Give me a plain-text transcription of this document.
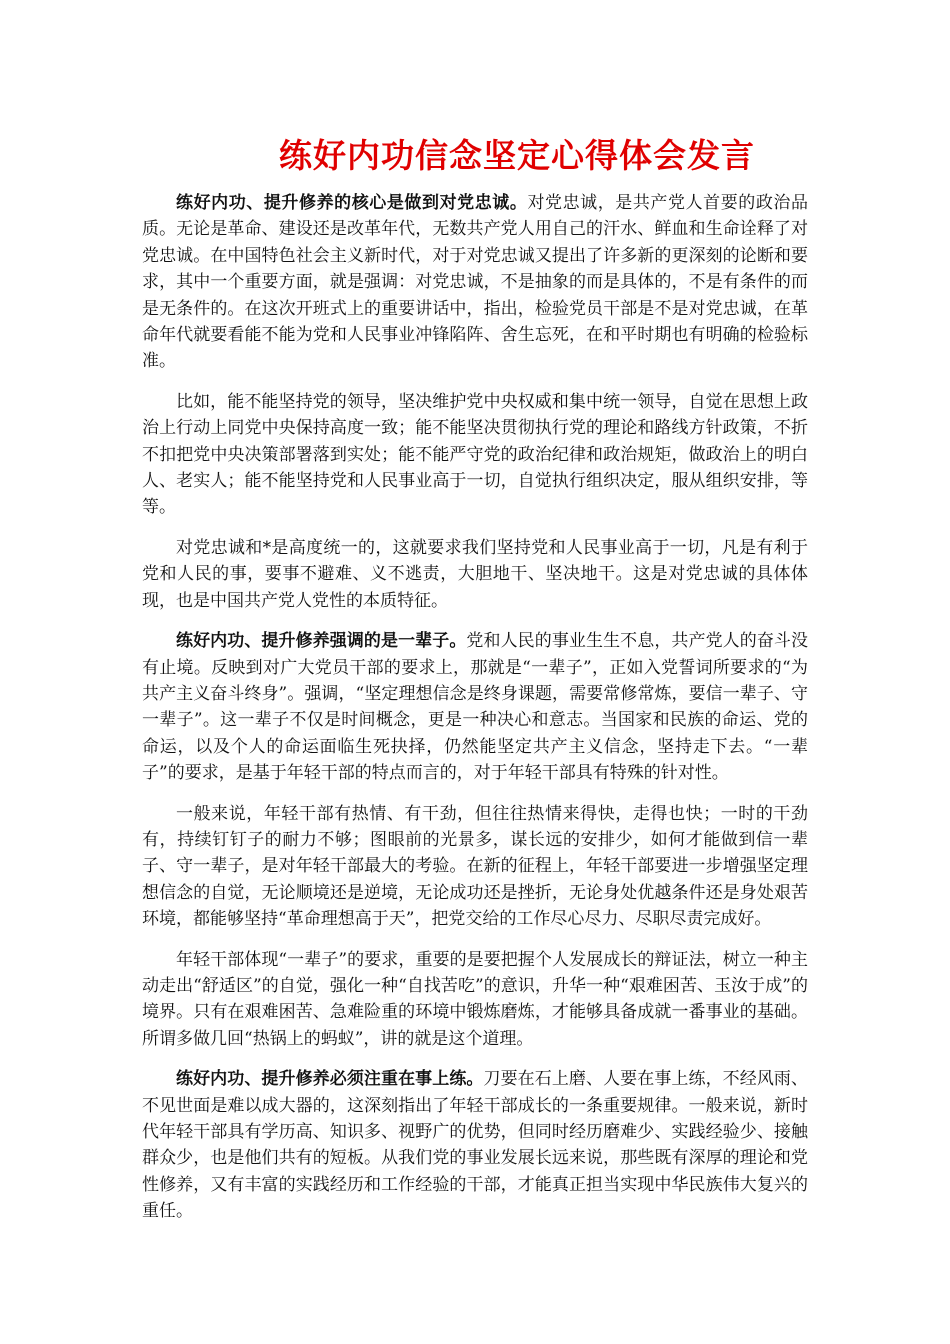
练好内功信念坚定心得体会发言

练好内功、提升修养的核心是做到对党忠诚。对党忠诚，是共产党人首要的政治品质。无论是革命、建设还是改革年代，无数共产党人用自己的汗水、鲜血和生命诠释了对党忠诚。在中国特色社会主义新时代，对于对党忠诚又提出了许多新的更深刻的论断和要求，其中一个重要方面，就是强调：对党忠诚，不是抽象的而是具体的，不是有条件的而是无条件的。在这次开班式上的重要讲话中，指出，检验党员干部是不是对党忠诚，在革命年代就要看能不能为党和人民事业冲锋陷阵、舍生忘死，在和平时期也有明确的检验标准。

比如，能不能坚持党的领导，坚决维护党中央权威和集中统一领导，自觉在思想上政治上行动上同党中央保持高度一致；能不能坚决贯彻执行党的理论和路线方针政策，不折不扣把党中央决策部署落到实处；能不能严守党的政治纪律和政治规矩，做政治上的明白人、老实人；能不能坚持党和人民事业高于一切，自觉执行组织决定，服从组织安排，等等。

对党忠诚和*是高度统一的，这就要求我们坚持党和人民事业高于一切，凡是有利于党和人民的事，要事不避难、义不逃责，大胆地干、坚决地干。这是对党忠诚的具体体现，也是中国共产党人党性的本质特征。

练好内功、提升修养强调的是一辈子。党和人民的事业生生不息，共产党人的奋斗没有止境。反映到对广大党员干部的要求上，那就是“一辈子”，正如入党誓词所要求的“为共产主义奋斗终身”。强调，“坚定理想信念是终身课题，需要常修常炼，要信一辈子、守一辈子”。这一辈子不仅是时间概念，更是一种决心和意志。当国家和民族的命运、党的命运，以及个人的命运面临生死抉择，仍然能坚定共产主义信念，坚持走下去。“一辈子”的要求，是基于年轻干部的特点而言的，对于年轻干部具有特殊的针对性。

一般来说，年轻干部有热情、有干劲，但往往热情来得快，走得也快；一时的干劲有，持续钉钉子的耐力不够；图眼前的光景多，谋长远的安排少，如何才能做到信一辈子、守一辈子，是对年轻干部最大的考验。在新的征程上，年轻干部要进一步增强坚定理想信念的自觉，无论顺境还是逆境，无论成功还是挫折，无论身处优越条件还是身处艰苦环境，都能够坚持“革命理想高于天”，把党交给的工作尽心尽力、尽职尽责完成好。

年轻干部体现“一辈子”的要求，重要的是要把握个人发展成长的辩证法，树立一种主动走出“舒适区”的自觉，强化一种“自找苦吃”的意识，升华一种“艰难困苦、玉汝于成”的境界。只有在艰难困苦、急难险重的环境中锻炼磨炼，才能够具备成就一番事业的基础。所谓多做几回“热锅上的蚂蚁”，讲的就是这个道理。

练好内功、提升修养必须注重在事上练。刀要在石上磨、人要在事上练，不经风雨、不见世面是难以成大器的，这深刻指出了年轻干部成长的一条重要规律。一般来说，新时代年轻干部具有学历高、知识多、视野广的优势，但同时经历磨难少、实践经验少、接触群众少，也是他们共有的短板。从我们党的事业发展长远来说，那些既有深厚的理论和党性修养，又有丰富的实践经历和工作经验的干部，才能真正担当实现中华民族伟大复兴的重任。
